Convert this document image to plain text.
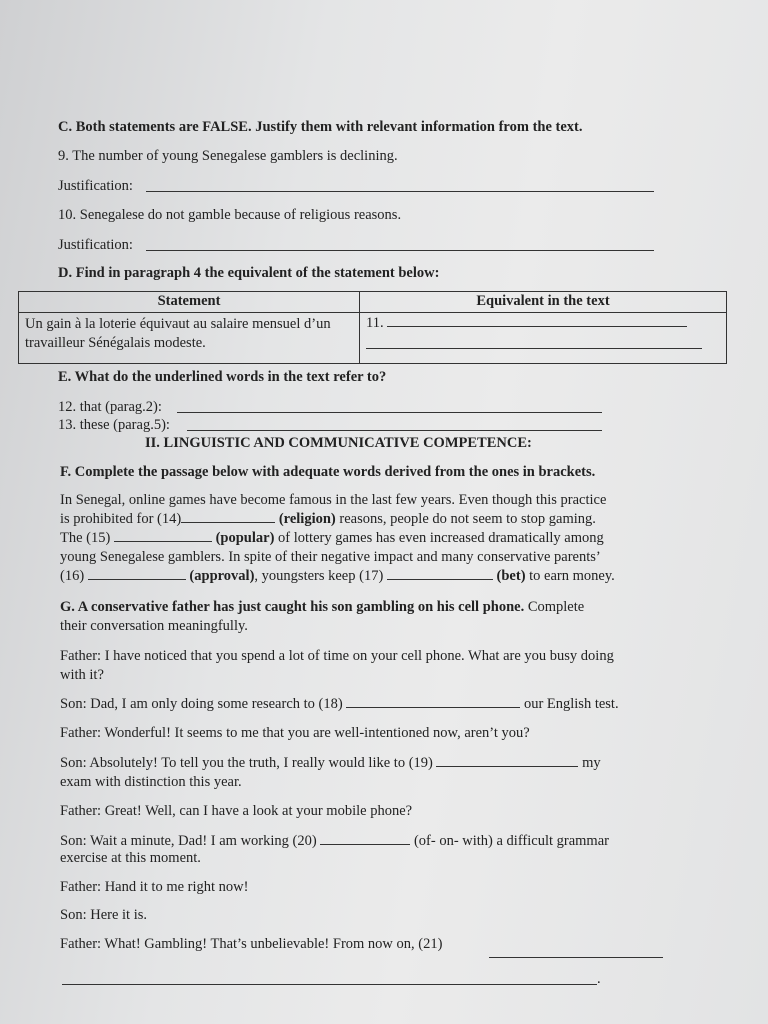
C. Both statements are FALSE. Justify them with relevant information from the text.
9. The number of young Senegalese gamblers is declining.
Justification:
10. Senegalese do not gamble because of religious reasons.
Justification:
D. Find in paragraph 4 the equivalent of the statement below:
Statement	Equivalent in the text
Un gain à la loterie équivaut au salaire mensuel d’un travailleur Sénégalais modeste.	11.

E. What do the underlined words in the text refer to?
12. that (parag.2):
13. these (parag.5):
II. LINGUISTIC AND COMMUNICATIVE COMPETENCE:
F. Complete the passage below with adequate words derived from the ones in brackets.
In Senegal, online games have become famous in the last few years. Even though this practice
is prohibited for (14)	(religion) reasons, people do not seem to stop gaming.
The (15)	(popular) of lottery games has even increased dramatically among
young Senegalese gamblers. In spite of their negative impact and many conservative parents’
(16)	(approval), youngsters keep (17)	(bet) to earn money.
G. A conservative father has just caught his son gambling on his cell phone. Complete
their conversation meaningfully.
Father: I have noticed that you spend a lot of time on your cell phone. What are you busy doing
with it?
Son: Dad, I am only doing some research to (18)	our English test.
Father: Wonderful! It seems to me that you are well-intentioned now, aren’t you?
Son: Absolutely! To tell you the truth, I really would like to (19)	my
exam with distinction this year.
Father: Great! Well, can I have a look at your mobile phone?
Son: Wait a minute, Dad! I am working (20)	(of- on- with) a difficult grammar
exercise at this moment.
Father: Hand it to me right now!
Son: Here it is.
Father: What! Gambling! That’s unbelievable! From now on, (21)
.
